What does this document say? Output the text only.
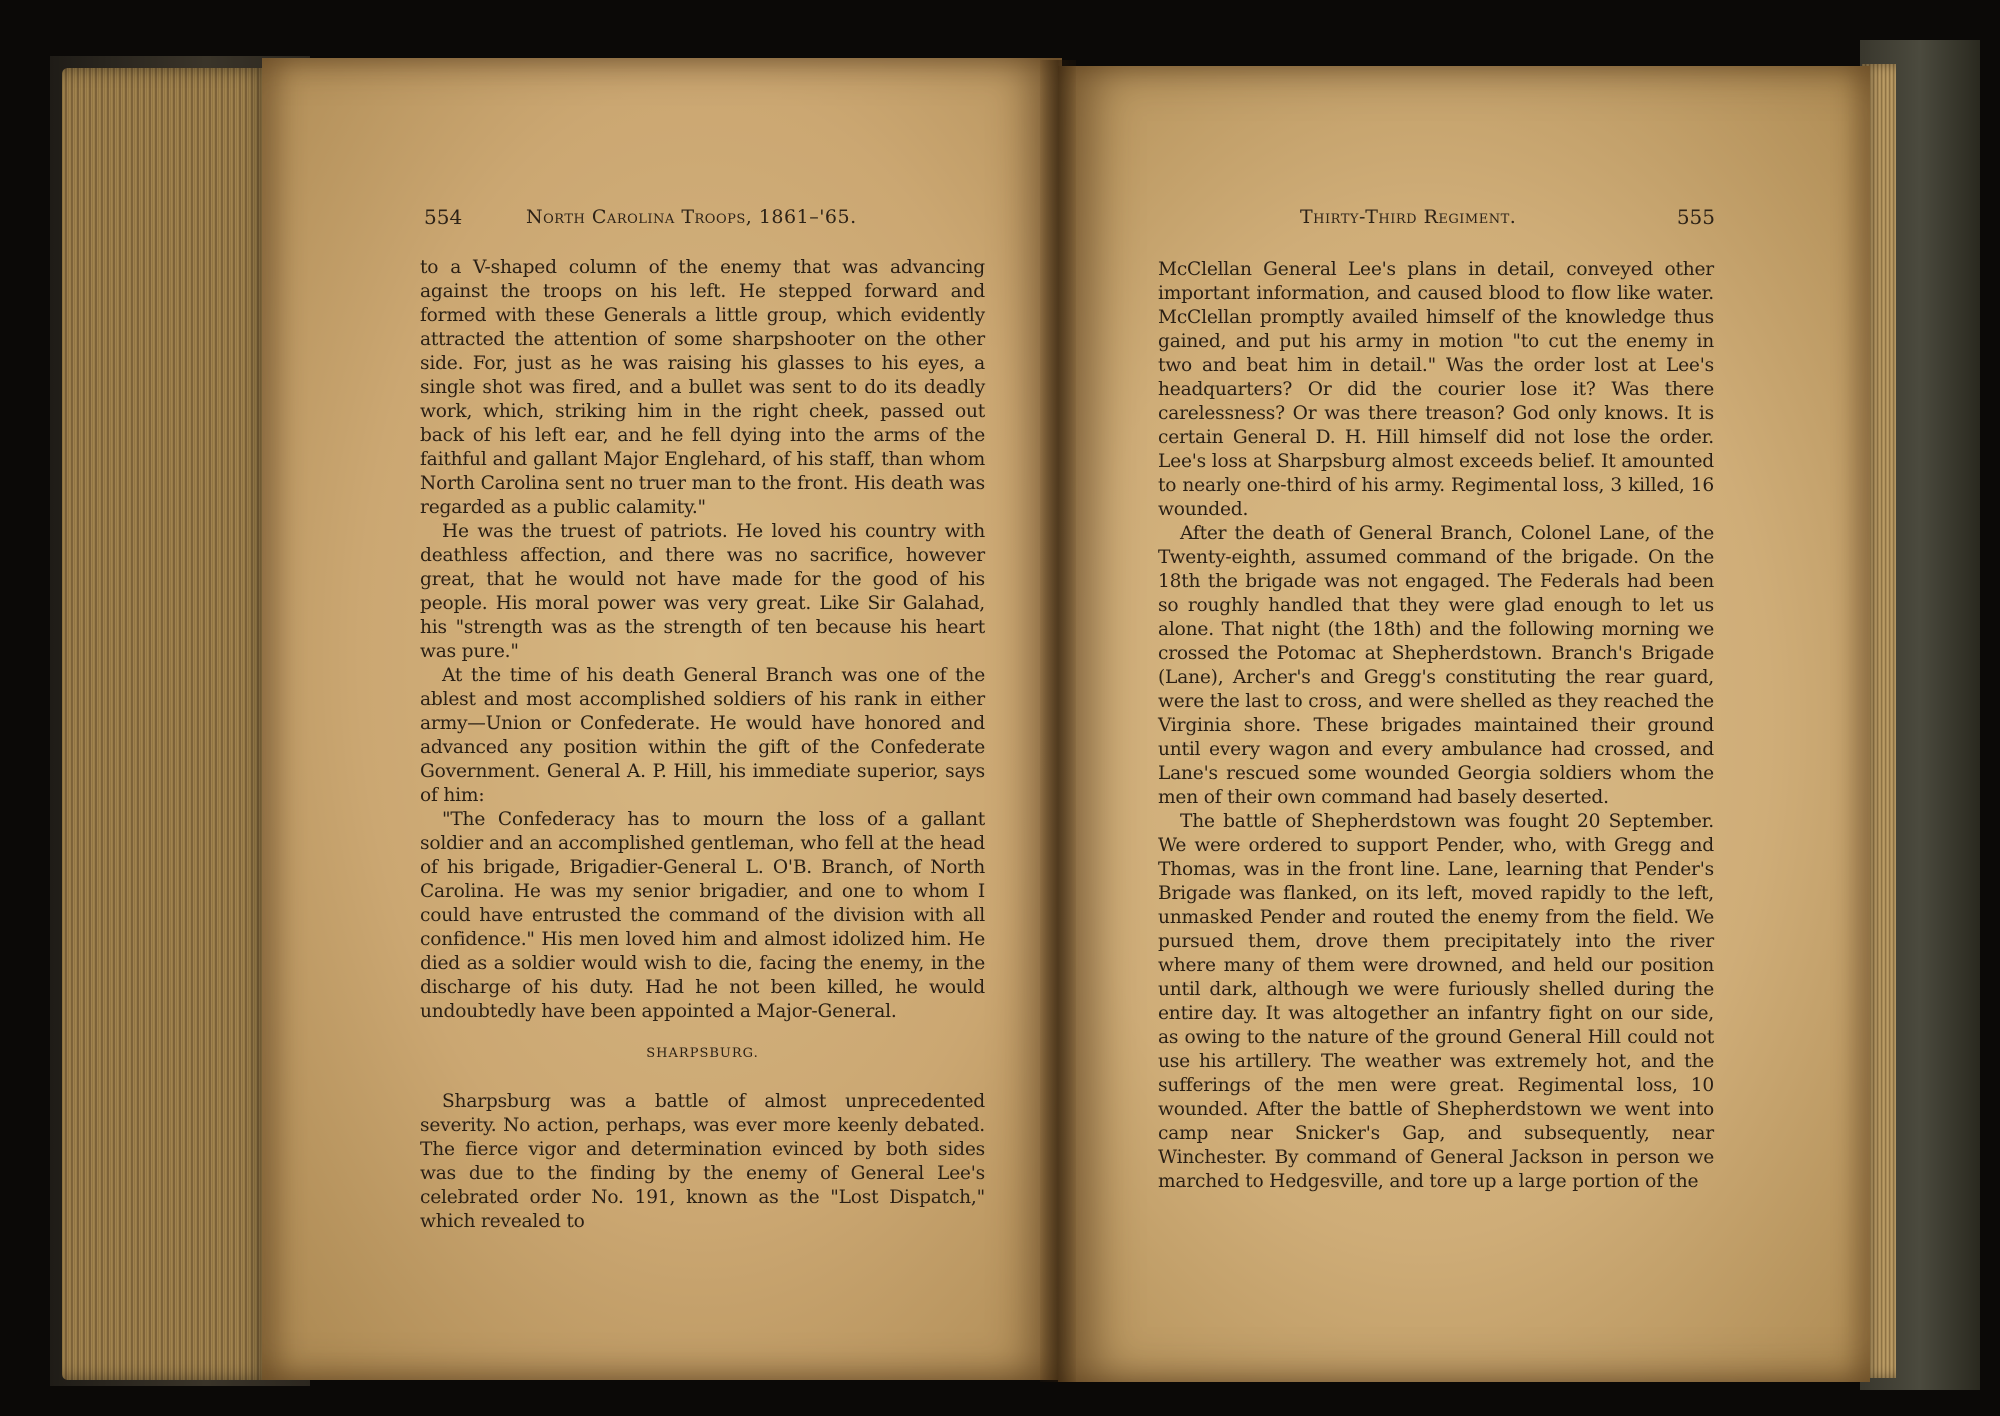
554	North Carolina Troops, 1861–'65.	Thirty-Third Regiment.	555

to a V-shaped column of the enemy that was advancing against the troops on his left. He stepped forward and formed with these Generals a little group, which evidently attracted the attention of some sharpshooter on the other side. For, just as he was raising his glasses to his eyes, a single shot was fired, and a bullet was sent to do its deadly work, which, striking him in the right cheek, passed out back of his left ear, and he fell dying into the arms of the faithful and gallant Major Englehard, of his staff, than whom North Carolina sent no truer man to the front. His death was regarded as a public calamity."

He was the truest of patriots. He loved his country with deathless affection, and there was no sacrifice, however great, that he would not have made for the good of his people. His moral power was very great. Like Sir Galahad, his "strength was as the strength of ten because his heart was pure."

At the time of his death General Branch was one of the ablest and most accomplished soldiers of his rank in either army—Union or Confederate. He would have honored and advanced any position within the gift of the Confederate Government. General A. P. Hill, his immediate superior, says of him:

"The Confederacy has to mourn the loss of a gallant soldier and an accomplished gentleman, who fell at the head of his brigade, Brigadier-General L. O'B. Branch, of North Carolina. He was my senior brigadier, and one to whom I could have entrusted the command of the division with all confidence." His men loved him and almost idolized him. He died as a soldier would wish to die, facing the enemy, in the discharge of his duty. Had he not been killed, he would undoubtedly have been appointed a Major-General.

SHARPSBURG.

Sharpsburg was a battle of almost unprecedented severity. No action, perhaps, was ever more keenly debated. The fierce vigor and determination evinced by both sides was due to the finding by the enemy of General Lee's celebrated order No. 191, known as the "Lost Dispatch," which revealed to

McClellan General Lee's plans in detail, conveyed other important information, and caused blood to flow like water. McClellan promptly availed himself of the knowledge thus gained, and put his army in motion "to cut the enemy in two and beat him in detail." Was the order lost at Lee's headquarters? Or did the courier lose it? Was there carelessness? Or was there treason? God only knows. It is certain General D. H. Hill himself did not lose the order. Lee's loss at Sharpsburg almost exceeds belief. It amounted to nearly one-third of his army. Regimental loss, 3 killed, 16 wounded.

After the death of General Branch, Colonel Lane, of the Twenty-eighth, assumed command of the brigade. On the 18th the brigade was not engaged. The Federals had been so roughly handled that they were glad enough to let us alone. That night (the 18th) and the following morning we crossed the Potomac at Shepherdstown. Branch's Brigade (Lane), Archer's and Gregg's constituting the rear guard, were the last to cross, and were shelled as they reached the Virginia shore. These brigades maintained their ground until every wagon and every ambulance had crossed, and Lane's rescued some wounded Georgia soldiers whom the men of their own command had basely deserted.

The battle of Shepherdstown was fought 20 September. We were ordered to support Pender, who, with Gregg and Thomas, was in the front line. Lane, learning that Pender's Brigade was flanked, on its left, moved rapidly to the left, unmasked Pender and routed the enemy from the field. We pursued them, drove them precipitately into the river where many of them were drowned, and held our position until dark, although we were furiously shelled during the entire day. It was altogether an infantry fight on our side, as owing to the nature of the ground General Hill could not use his artillery. The weather was extremely hot, and the sufferings of the men were great. Regimental loss, 10 wounded. After the battle of Shepherdstown we went into camp near Snicker's Gap, and subsequently, near Winchester. By command of General Jackson in person we marched to Hedgesville, and tore up a large portion of the
